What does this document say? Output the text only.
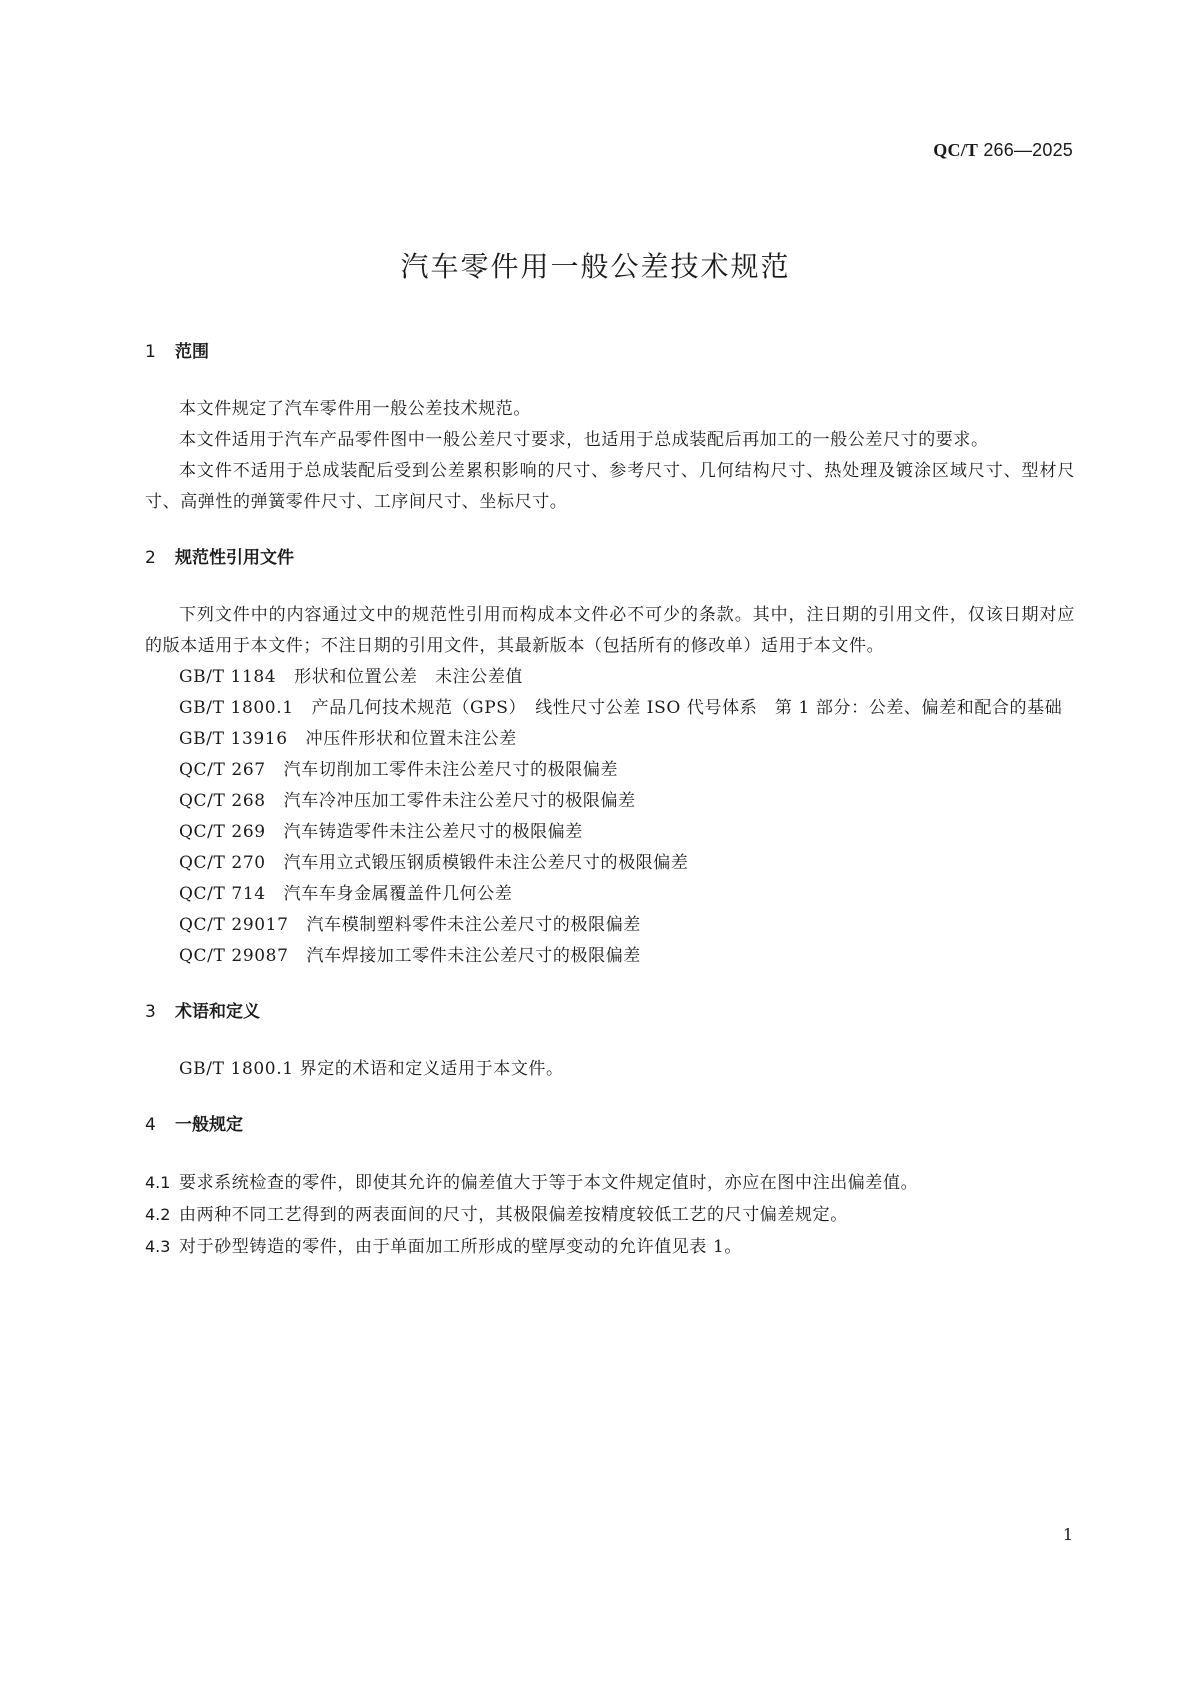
QC/T 266—2025
汽车零件用一般公差技术规范
1 范围

本文件规定了汽车零件用一般公差技术规范。

本文件适用于汽车产品零件图中一般公差尺寸要求，也适用于总成装配后再加工的一般公差尺寸的要求。

本文件不适用于总成装配后受到公差累积影响的尺寸、参考尺寸、几何结构尺寸、热处理及镀涂区域尺寸、型材尺寸、高弹性的弹簧零件尺寸、工序间尺寸、坐标尺寸。

2 规范性引用文件

下列文件中的内容通过文中的规范性引用而构成本文件必不可少的条款。其中，注日期的引用文件，仅该日期对应的版本适用于本文件；不注日期的引用文件，其最新版本（包括所有的修改单）适用于本文件。

GB/T 1184 形状和位置公差　未注公差值

GB/T 1800.1 产品几何技术规范（GPS）　线性尺寸公差 ISO 代号体系　第 1 部分：公差、偏差和配合的基础

GB/T 13916 冲压件形状和位置未注公差

QC/T 267 汽车切削加工零件未注公差尺寸的极限偏差

QC/T 268 汽车冷冲压加工零件未注公差尺寸的极限偏差

QC/T 269 汽车铸造零件未注公差尺寸的极限偏差

QC/T 270 汽车用立式锻压钢质模锻件未注公差尺寸的极限偏差

QC/T 714 汽车车身金属覆盖件几何公差

QC/T 29017 汽车模制塑料零件未注公差尺寸的极限偏差

QC/T 29087 汽车焊接加工零件未注公差尺寸的极限偏差

3 术语和定义

GB/T 1800.1 界定的术语和定义适用于本文件。

4 一般规定

4.1 要求系统检查的零件，即使其允许的偏差值大于等于本文件规定值时，亦应在图中注出偏差值。

4.2 由两种不同工艺得到的两表面间的尺寸，其极限偏差按精度较低工艺的尺寸偏差规定。

4.3 对于砂型铸造的零件，由于单面加工所形成的壁厚变动的允许值见表 1。

1
